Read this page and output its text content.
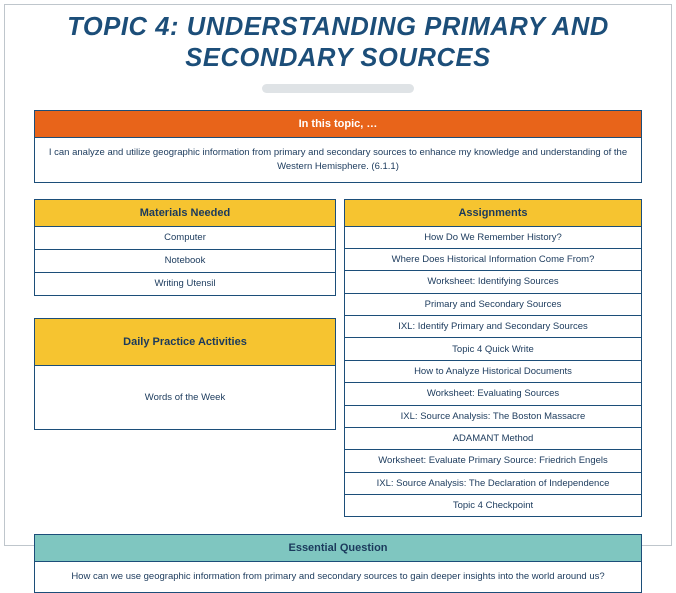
TOPIC 4: UNDERSTANDING PRIMARY AND SECONDARY SOURCES
In this topic, …
I can analyze and utilize geographic information from primary and secondary sources to enhance my knowledge and understanding of the Western Hemisphere. (6.1.1)
Materials Needed
Computer
Notebook
Writing Utensil
Daily Practice Activities
Words of the Week
Assignments
How Do We Remember History?
Where Does Historical Information Come From?
Worksheet: Identifying Sources
Primary and Secondary Sources
IXL: Identify Primary and Secondary Sources
Topic 4 Quick Write
How to Analyze Historical Documents
Worksheet: Evaluating Sources
IXL: Source Analysis: The Boston Massacre
ADAMANT Method
Worksheet: Evaluate Primary Source: Friedrich Engels
IXL: Source Analysis: The Declaration of Independence
Topic 4 Checkpoint
Essential Question
How can we use geographic information from primary and secondary sources to gain deeper insights into the world around us?
